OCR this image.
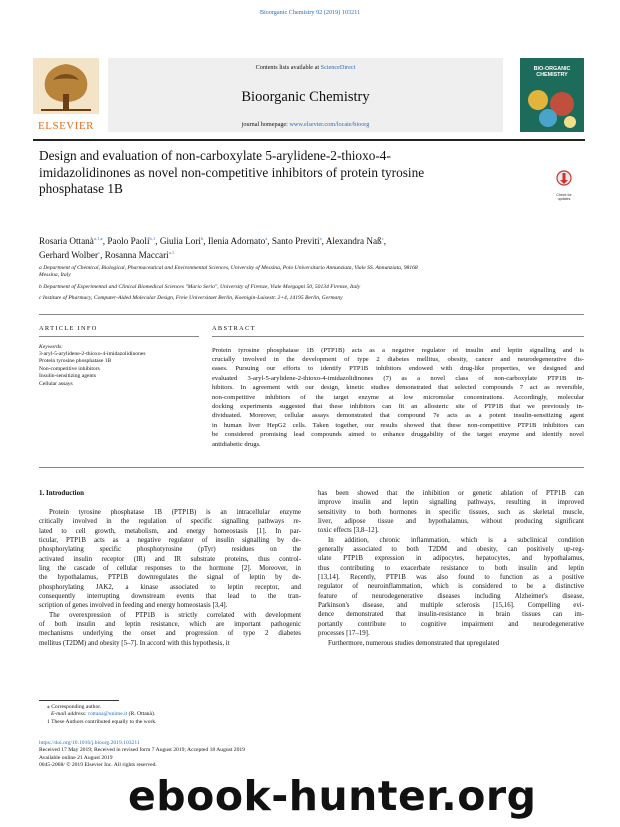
Bioorganic Chemistry 92 (2019) 103211
ELSEVIER
Contents lists available at ScienceDirect
Bioorganic Chemistry
journal homepage: www.elsevier.com/locate/bioorg
BIO-ORGANIC
CHEMISTRY
Design and evaluation of non-carboxylate 5-arylidene-2-thioxo-4-
imidazolidinones as novel non-competitive inhibitors of protein tyrosine
phosphatase 1B	Check for
updates
Rosaria Ottanà$^{a,1,⁎}$, Paolo Paoli$^{b,1}$, Giulia Lori$^b$, Ilenia Adornato$^a$, Santo Previti$^a$, Alexandra Naß$^c$,
Gerhard Wolber$^c$, Rosanna Maccari$^{a,1}$
a Department of Chemical, Biological, Pharmaceutical and Environmental Sciences, University of Messina, Polo Universitario Annunziata, Viale SS. Annunziata, 98168
Messina, Italy
b Department of Experimental and Clinical Biomedical Sciences "Mario Serio", University of Firenze, Viale Morgagni 50, 50134 Firenze, Italy
c Institute of Pharmacy, Computer-Aided Molecular Design, Freie Universitaet Berlin, Koenigin-Luisestr. 2+4, 14195 Berlin, Germany
ARTICLE INFO
Keywords:
3-aryl-5-arylidene-2-thioxo-4-imidazolidinones
Protein tyrosine phosphatase 1B
Non-competitive inhibitors
Insulin-sensitizing agents
Cellular assays
ABSTRACT
Protein tyrosine phosphatase 1B (PTP1B) acts as a negative regulator of insulin and leptin signalling and is
crucially involved in the development of type 2 diabetes mellitus, obesity, cancer and neurodegenerative dis-
eases. Pursuing our efforts to identify PTP1B inhibitors endowed with drug-like properties, we designed and
evaluated 3-aryl-5-arylidene-2-thioxo-4-imidazolidinones (7) as a novel class of non-carboxylate PTP1B in-
hibitors. In agreement with our design, kinetic studies demonstrated that selected compounds 7 act as reversible,
non-competitive inhibitors of the target enzyme at low micromolar concentrations. Accordingly, molecular
docking experiments suggested that these inhibitors can fit an allosteric site of PTP1B that we previously in-
dividuated. Moreover, cellular assays demonstrated that compound 7e acts as a potent insulin-sensitizing agent
in human liver HepG2 cells. Taken together, our results showed that these non-competitive PTP1B inhibitors can
be considered promising lead compounds aimed to enhance druggability of the target enzyme and identify novel
antidiabetic drugs.
1. Introduction
Protein tyrosine phosphatase 1B (PTP1B) is an intracellular enzyme
critically involved in the regulation of specific signalling pathways re-
lated to cell growth, metabolism, and energy homeostasis [1]. In par-
ticular, PTP1B acts as a negative regulator of insulin signalling by de-
phosphorylating specific phosphotyrosine (pTyr) residues on the
activated insulin receptor (IR) and IR substrate proteins, thus control-
ling the cascade of cellular responses to the hormone [2]. Moreover, in
the hypothalamus, PTP1B downregulates the signal of leptin by de-
phosphorylating JAK2, a kinase associated to leptin receptor, and
consequently interrupting downstream events that lead to the tran-
scription of genes involved in feeding and energy homeostasis [3,4].
The overexpression of PTP1B is strictly correlated with development
of both insulin and leptin resistance, which are important pathogenic
mechanisms underlying the onset and progression of type 2 diabetes
mellitus (T2DM) and obesity [5–7]. In accord with this hypothesis, it
has been showed that the inhibition or genetic ablation of PTP1B can
improve insulin and leptin signalling pathways, resulting in improved
sensitivity to both hormones in specific tissues, such as skeletal muscle,
liver, adipose tissue and hypothalamus, without producing significant
toxic effects [3,8–12].
In addition, chronic inflammation, which is a subclinical condition
generally associated to both T2DM and obesity, can positively up-reg-
ulate PTP1B expression in adipocytes, hepatocytes, and hypothalamus,
thus contributing to exacerbate resistance to both insulin and leptin
[13,14]. Recently, PTP1B was also found to function as a positive
regulator of neuroinflammation, which is considered to be a distinctive
feature of neurodegenerative diseases including Alzheimer's disease,
Parkinson's disease, and multiple sclerosis [15,16]. Compelling evi-
dence demonstrated that insulin-resistance in brain tissues can im-
portantly contribute to cognitive impairment and neurodegenerative
processes [17–19].
Furthermore, numerous studies demonstrated that upregulated
⁎ Corresponding author.
E-mail address: rottana@unime.it (R. Ottanà).
1 These Authors contributed equally to the work.
https://doi.org/10.1016/j.bioorg.2019.103211
Received 17 May 2019; Received in revised form 7 August 2019; Accepted 18 August 2019
Available online 21 August 2019
0045-2068/ © 2019 Elsevier Inc. All rights reserved.
ebook-hunter.org
